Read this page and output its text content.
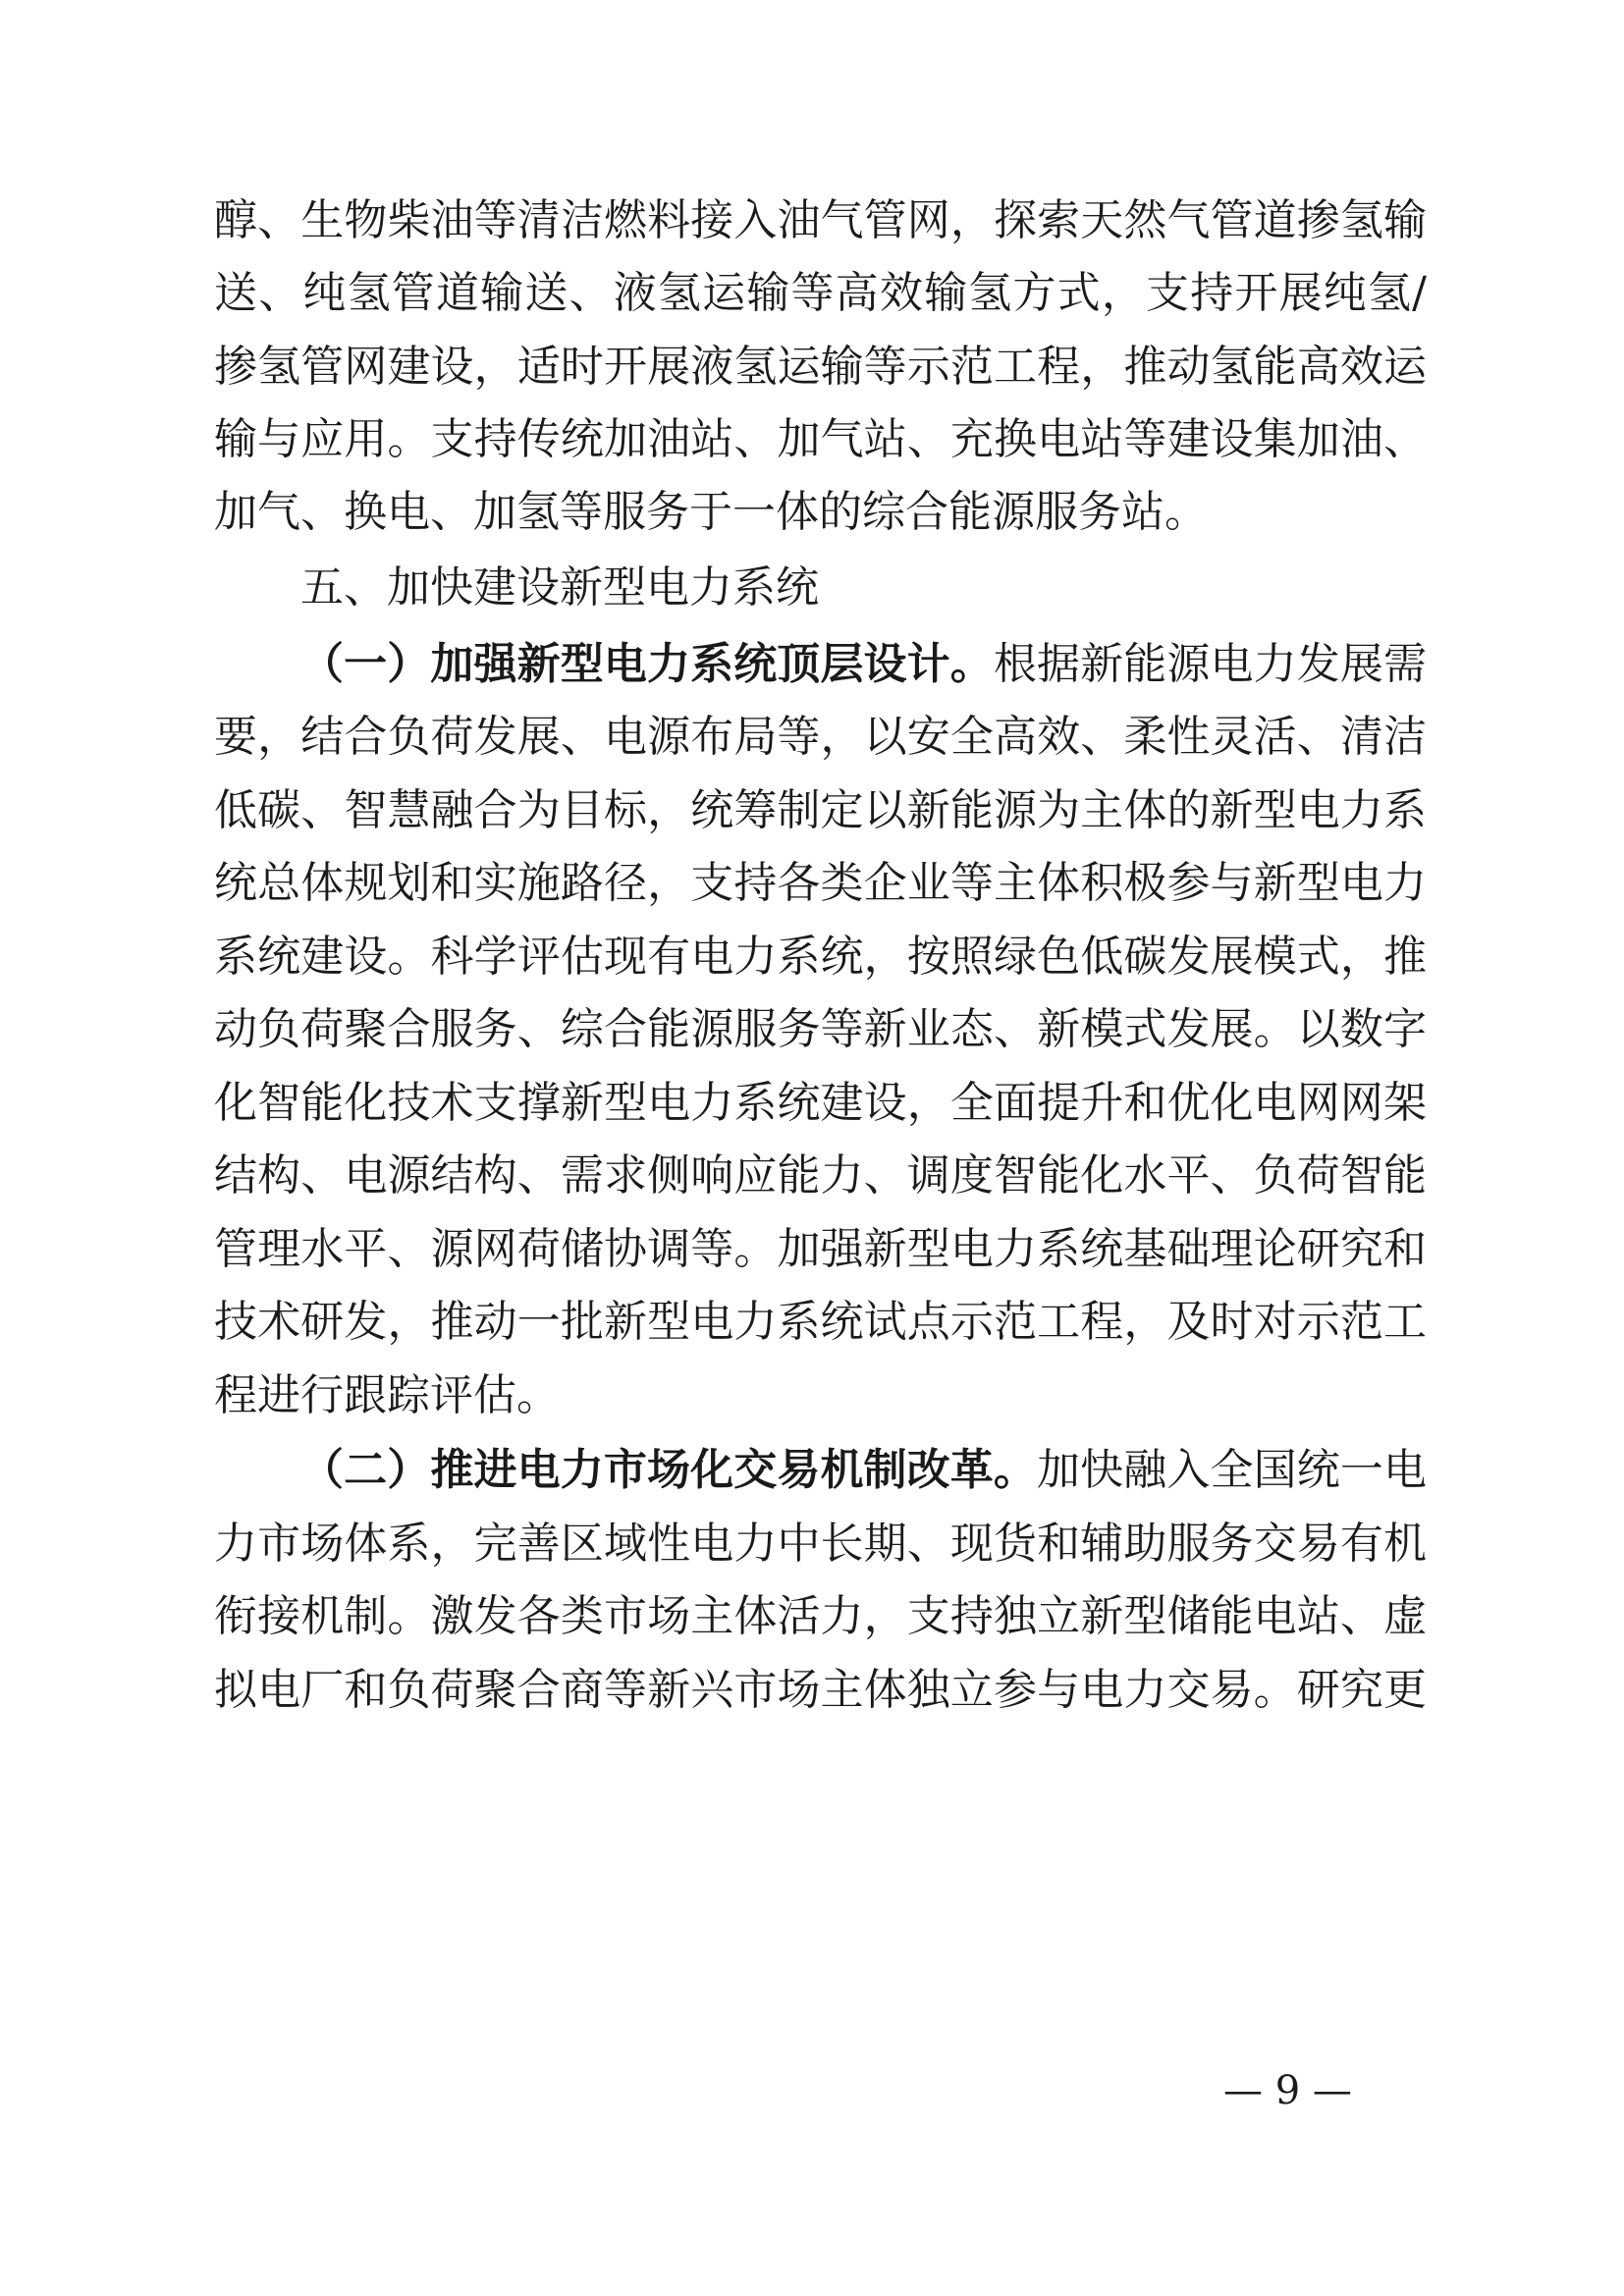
醇、生物柴油等清洁燃料接入油气管网，探索天然气管道掺氢输
送、纯氢管道输送、液氢运输等高效输氢方式，支持开展纯氢/
掺氢管网建设，适时开展液氢运输等示范工程，推动氢能高效运
输与应用。支持传统加油站、加气站、充换电站等建设集加油、
加气、换电、加氢等服务于一体的综合能源服务站。
五、加快建设新型电力系统
（一）加强新型电力系统顶层设计。根据新能源电力发展需
要，结合负荷发展、电源布局等，以安全高效、柔性灵活、清洁
低碳、智慧融合为目标，统筹制定以新能源为主体的新型电力系
统总体规划和实施路径，支持各类企业等主体积极参与新型电力
系统建设。科学评估现有电力系统，按照绿色低碳发展模式，推
动负荷聚合服务、综合能源服务等新业态、新模式发展。以数字
化智能化技术支撑新型电力系统建设，全面提升和优化电网网架
结构、电源结构、需求侧响应能力、调度智能化水平、负荷智能
管理水平、源网荷储协调等。加强新型电力系统基础理论研究和
技术研发，推动一批新型电力系统试点示范工程，及时对示范工
程进行跟踪评估。
（二）推进电力市场化交易机制改革。加快融入全国统一电
力市场体系，完善区域性电力中长期、现货和辅助服务交易有机
衔接机制。激发各类市场主体活力，支持独立新型储能电站、虚
拟电厂和负荷聚合商等新兴市场主体独立参与电力交易。研究更
— 9 —
